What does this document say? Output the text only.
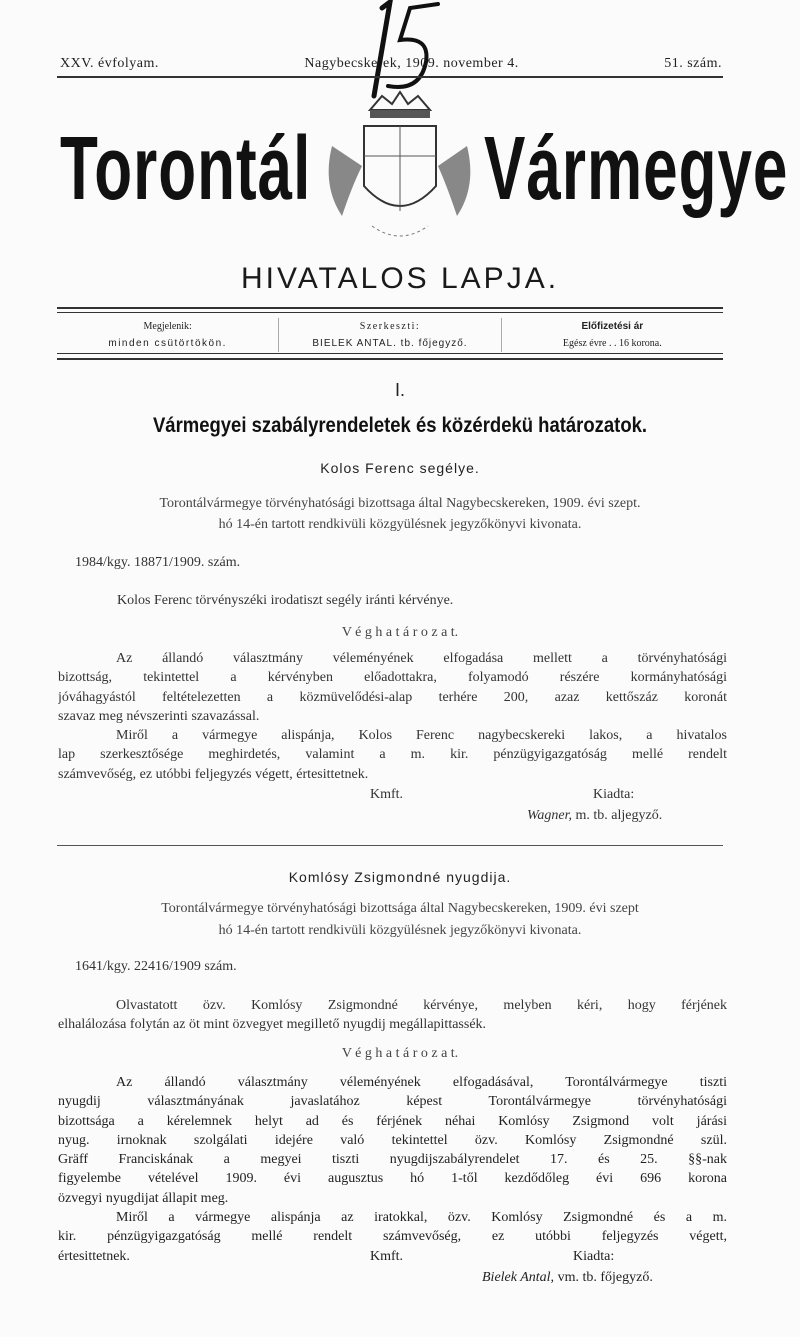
XXV. évfolyam.	Nagybecskerek, 1909. november 4.	51. szám.
Torontál	Vármegye
HIVATALOS LAPJA.
Megjelenik:
minden csütörtökön.
Szerkeszti:
BIELEK ANTAL. tb. főjegyző.
Előfizetési ár
Egész évre . . 16 korona.
I.
Vármegyei szabályrendeletek és közérdekü határozatok.
Kolos Ferenc segélye.
Torontálvármegye törvényhatósági bizottsaga által Nagybecskereken, 1909. évi szept.
hó 14-én tartott rendkivüli közgyülésnek jegyzőkönyvi kivonata.
1984/kgy. 18871/1909. szám.
Kolos Ferenc törvényszéki irodatiszt segély iránti kérvénye.
V é g h a t á r o z a t.
Az állandó választmány véleményének elfogadása mellett a törvényhatósági
bizottság, tekintettel a kérvényben előadottakra, folyamodó részére kormányhatósági
jóváhagyástól feltételezetten a közmüvelődési-alap terhére 200, azaz kettőszáz koronát
szavaz meg névszerinti szavazással.
Miről a vármegye alispánja, Kolos Ferenc nagybecskereki lakos, a hivatalos
lap szerkesztősége meghirdetés, valamint a m. kir. pénzügyigazgatóság mellé rendelt
számvevőség, ez utóbbi feljegyzés végett, értesittetnek.
Kmft.	Kiadta:
Wagner, m. tb. aljegyző.
Komlósy Zsigmondné nyugdija.
Torontálvármegye törvényhatósági bizottsága által Nagybecskereken, 1909. évi szept
hó 14-én tartott rendkivüli közgyülésnek jegyzőkönyvi kivonata.
1641/kgy. 22416/1909 szám.
Olvastatott özv. Komlósy Zsigmondné kérvénye, melyben kéri, hogy férjének
elhalálozása folytán az öt mint özvegyet megillető nyugdij megállapittassék.
V é g h a t á r o z a t.
Az állandó választmány véleményének elfogadásával, Torontálvármegye tiszti
nyugdij választmányának javaslatához képest Torontálvármegye törvényhatósági
bizottsága a kérelemnek helyt ad és férjének néhai Komlósy Zsigmond volt járási
nyug. irnoknak szolgálati idejére való tekintettel özv. Komlósy Zsigmondné szül.
Gräff Franciskának a megyei tiszti nyugdijszabályrendelet 17. és 25. §§-nak
figyelembe vételével 1909. évi augusztus hó 1-től kezdődőleg évi 696 korona
özvegyi nyugdijat állapit meg.
Miről a vármegye alispánja az iratokkal, özv. Komlósy Zsigmondné és a m.
kir. pénzügyigazgatóság mellé rendelt számvevőség, ez utóbbi feljegyzés végett,
értesittetnek.	Kmft.	Kiadta:
Bielek Antal, vm. tb. főjegyző.
